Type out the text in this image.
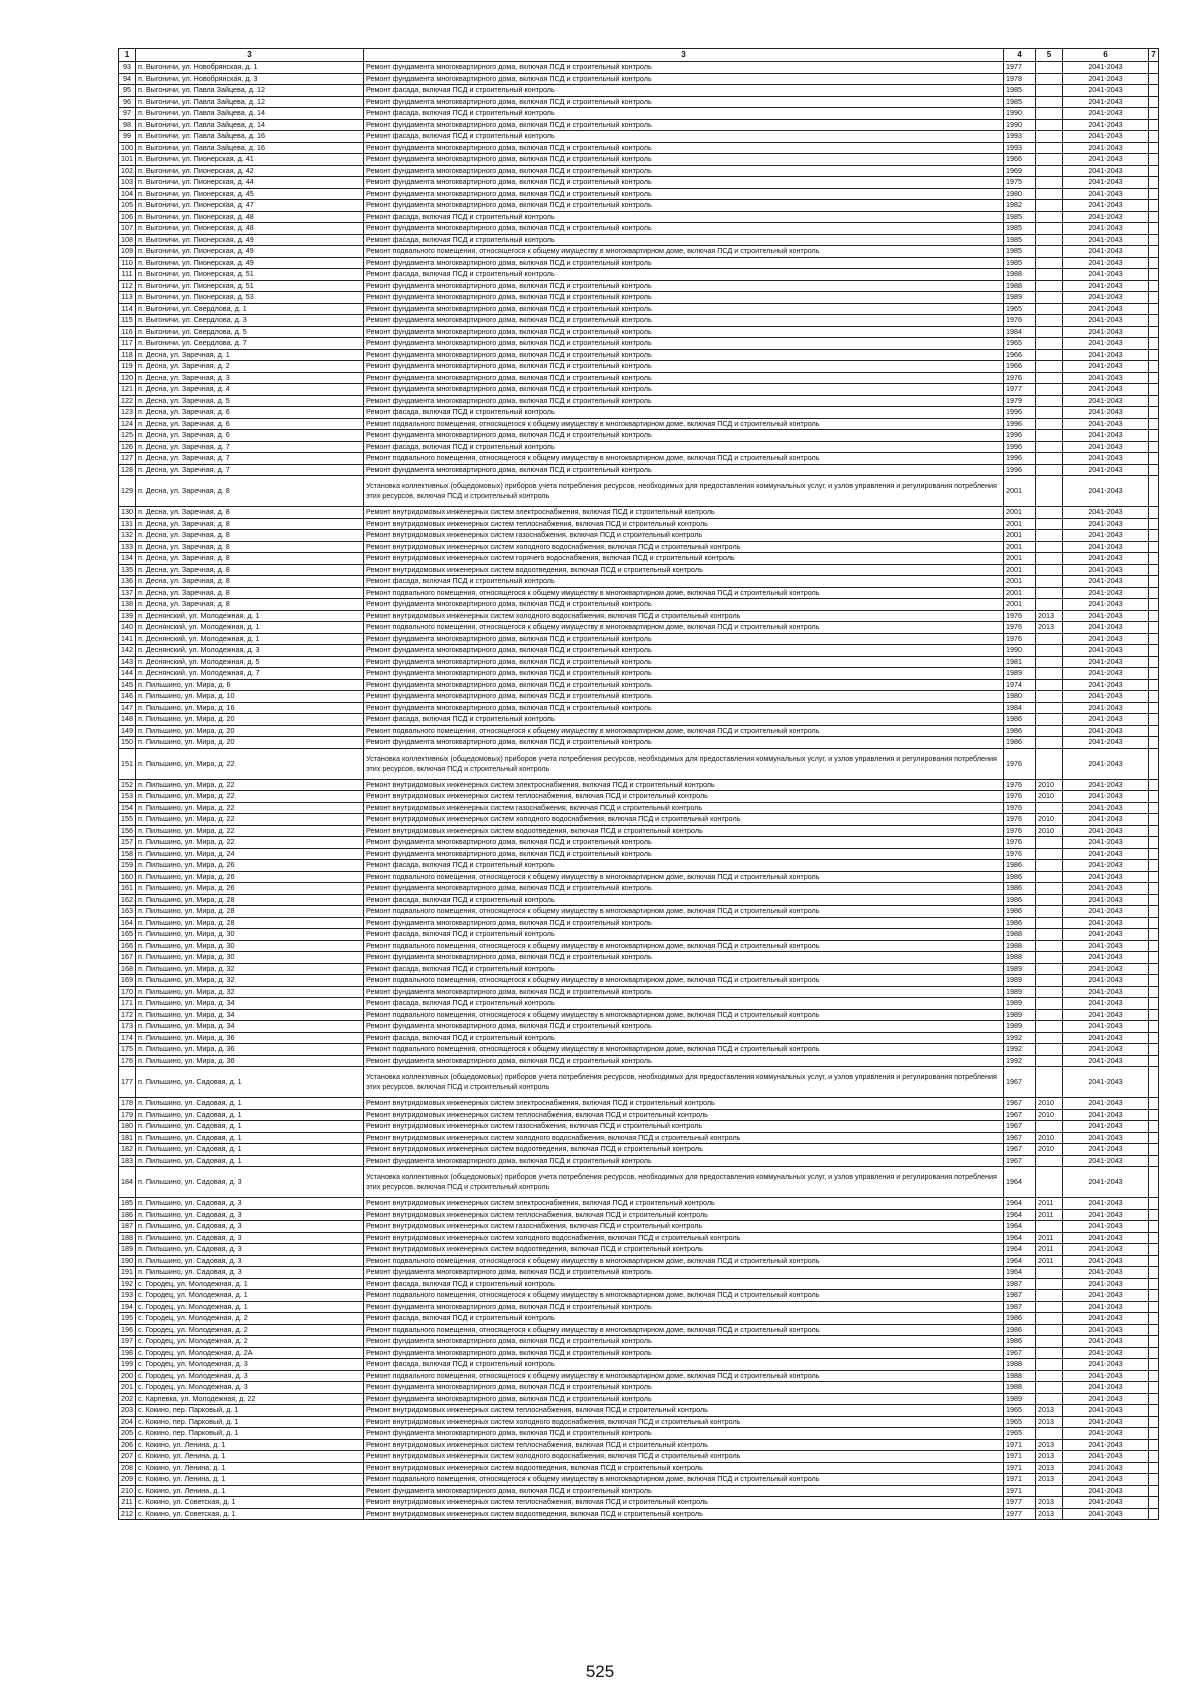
1	3	3	4	5	6	7
93	п. Выгоничи, ул. Новобрянская, д. 1	Ремонт фундамента многоквартирного дома, включая ПСД и строительный контроль	1977		2041-2043	
94	п. Выгоничи, ул. Новобрянская, д. 3	Ремонт фундамента многоквартирного дома, включая ПСД и строительный контроль	1978		2041-2043	
95	п. Выгоничи, ул. Павла Зайцева, д. 12	Ремонт фасада, включая ПСД и строительный контроль	1985		2041-2043	
96	п. Выгоничи, ул. Павла Зайцева, д. 12	Ремонт фундамента многоквартирного дома, включая ПСД и строительный контроль	1985		2041-2043	
97	п. Выгоничи, ул. Павла Зайцева, д. 14	Ремонт фасада, включая ПСД и строительный контроль	1990		2041-2043	
98	п. Выгоничи, ул. Павла Зайцева, д. 14	Ремонт фундамента многоквартирного дома, включая ПСД и строительный контроль	1990		2041-2043	
99	п. Выгоничи, ул. Павла Зайцева, д. 16	Ремонт фасада, включая ПСД и строительный контроль	1993		2041-2043	
100	п. Выгоничи, ул. Павла Зайцева, д. 16	Ремонт фундамента многоквартирного дома, включая ПСД и строительный контроль	1993		2041-2043	
101	п. Выгоничи, ул. Пионерская, д. 41	Ремонт фундамента многоквартирного дома, включая ПСД и строительный контроль	1966		2041-2043	
102	п. Выгоничи, ул. Пионерская, д. 42	Ремонт фундамента многоквартирного дома, включая ПСД и строительный контроль	1969		2041-2043	
103	п. Выгоничи, ул. Пионерская, д. 44	Ремонт фундамента многоквартирного дома, включая ПСД и строительный контроль	1975		2041-2043	
104	п. Выгоничи, ул. Пионерская, д. 45	Ремонт фундамента многоквартирного дома, включая ПСД и строительный контроль	1980		2041-2043	
105	п. Выгоничи, ул. Пионерская, д. 47	Ремонт фундамента многоквартирного дома, включая ПСД и строительный контроль	1982		2041-2043	
106	п. Выгоничи, ул. Пионерская, д. 48	Ремонт фасада, включая ПСД и строительный контроль	1985		2041-2043	
107	п. Выгоничи, ул. Пионерская, д. 48	Ремонт фундамента многоквартирного дома, включая ПСД и строительный контроль	1985		2041-2043	
108	п. Выгоничи, ул. Пионерская, д. 49	Ремонт фасада, включая ПСД и строительный контроль	1985		2041-2043	
109	п. Выгоничи, ул. Пионерская, д. 49	Ремонт подвального помещения, относящегося к общему имуществу в многоквартирном доме, включая ПСД и строительный контроль	1985		2041-2043	
110	п. Выгоничи, ул. Пионерская, д. 49	Ремонт фундамента многоквартирного дома, включая ПСД и строительный контроль	1985		2041-2043	
111	п. Выгоничи, ул. Пионерская, д. 51	Ремонт фасада, включая ПСД и строительный контроль	1988		2041-2043	
112	п. Выгоничи, ул. Пионерская, д. 51	Ремонт фундамента многоквартирного дома, включая ПСД и строительный контроль	1988		2041-2043	
113	п. Выгоничи, ул. Пионерская, д. 53	Ремонт фундамента многоквартирного дома, включая ПСД и строительный контроль	1989		2041-2043	
114	п. Выгоничи, ул. Свердлова, д. 1	Ремонт фундамента многоквартирного дома, включая ПСД и строительный контроль	1965		2041-2043	
115	п. Выгоничи, ул. Свердлова, д. 3	Ремонт фундамента многоквартирного дома, включая ПСД и строительный контроль	1976		2041-2043	
116	п. Выгоничи, ул. Свердлова, д. 5	Ремонт фундамента многоквартирного дома, включая ПСД и строительный контроль	1984		2041-2043	
117	п. Выгоничи, ул. Свердлова, д. 7	Ремонт фундамента многоквартирного дома, включая ПСД и строительный контроль	1965		2041-2043	
118	п. Десна, ул. Заречная, д. 1	Ремонт фундамента многоквартирного дома, включая ПСД и строительный контроль	1966		2041-2043	
119	п. Десна, ул. Заречная, д. 2	Ремонт фундамента многоквартирного дома, включая ПСД и строительный контроль	1966		2041-2043	
120	п. Десна, ул. Заречная, д. 3	Ремонт фундамента многоквартирного дома, включая ПСД и строительный контроль	1976		2041-2043	
121	п. Десна, ул. Заречная, д. 4	Ремонт фундамента многоквартирного дома, включая ПСД и строительный контроль	1977		2041-2043	
122	п. Десна, ул. Заречная, д. 5	Ремонт фундамента многоквартирного дома, включая ПСД и строительный контроль	1979		2041-2043	
123	п. Десна, ул. Заречная, д. 6	Ремонт фасада, включая ПСД и строительный контроль	1996		2041-2043	
124	п. Десна, ул. Заречная, д. 6	Ремонт подвального помещения, относящегося к общему имуществу в многоквартирном доме, включая ПСД и строительный контроль	1996		2041-2043	
125	п. Десна, ул. Заречная, д. 6	Ремонт фундамента многоквартирного дома, включая ПСД и строительный контроль	1996		2041-2043	
126	п. Десна, ул. Заречная, д. 7	Ремонт фасада, включая ПСД и строительный контроль	1996		2041-2043	
127	п. Десна, ул. Заречная, д. 7	Ремонт подвального помещения, относящегося к общему имуществу в многоквартирном доме, включая ПСД и строительный контроль	1996		2041-2043	
128	п. Десна, ул. Заречная, д. 7	Ремонт фундамента многоквартирного дома, включая ПСД и строительный контроль	1996		2041-2043	
129	п. Десна, ул. Заречная, д. 8	Установка коллективных (общедомовых) приборов учета потребления ресурсов, необходимых для предоставления коммунальных услуг, и узлов управления и регулирования потребления этих ресурсов, включая ПСД и строительный контроль	2001		2041-2043	
130	п. Десна, ул. Заречная, д. 8	Ремонт внутридомовых инженерных систем электроснабжения, включая ПСД и строительный контроль	2001		2041-2043	
131	п. Десна, ул. Заречная, д. 8	Ремонт внутридомовых инженерных систем теплоснабжения, включая ПСД и строительный контроль	2001		2041-2043	
132	п. Десна, ул. Заречная, д. 8	Ремонт внутридомовых инженерных систем газоснабжения, включая ПСД и строительный контроль	2001		2041-2043	
133	п. Десна, ул. Заречная, д. 8	Ремонт внутридомовых инженерных систем холодного водоснабжения, включая ПСД и строительный контроль	2001		2041-2043	
134	п. Десна, ул. Заречная, д. 8	Ремонт внутридомовых инженерных систем горячего водоснабжения, включая ПСД и строительный контроль	2001		2041-2043	
135	п. Десна, ул. Заречная, д. 8	Ремонт внутридомовых инженерных систем водоотведения, включая ПСД и строительный контроль	2001		2041-2043	
136	п. Десна, ул. Заречная, д. 8	Ремонт фасада, включая ПСД и строительный контроль	2001		2041-2043	
137	п. Десна, ул. Заречная, д. 8	Ремонт подвального помещения, относящегося к общему имуществу в многоквартирном доме, включая ПСД и строительный контроль	2001		2041-2043	
138	п. Десна, ул. Заречная, д. 8	Ремонт фундамента многоквартирного дома, включая ПСД и строительный контроль	2001		2041-2043	
139	п. Деснянский, ул. Молодежная, д. 1	Ремонт внутридомовых инженерных систем холодного водоснабжения, включая ПСД и строительный контроль	1976	2013	2041-2043	
140	п. Деснянский, ул. Молодежная, д. 1	Ремонт подвального помещения, относящегося к общему имуществу в многоквартирном доме, включая ПСД и строительный контроль	1976	2013	2041-2043	
141	п. Деснянский, ул. Молодежная, д. 1	Ремонт фундамента многоквартирного дома, включая ПСД и строительный контроль	1976		2041-2043	
142	п. Деснянский, ул. Молодежная, д. 3	Ремонт фундамента многоквартирного дома, включая ПСД и строительный контроль	1990		2041-2043	
143	п. Деснянский, ул. Молодежная, д. 5	Ремонт фундамента многоквартирного дома, включая ПСД и строительный контроль	1981		2041-2043	
144	п. Деснянский, ул. Молодежная, д. 7	Ремонт фундамента многоквартирного дома, включая ПСД и строительный контроль	1989		2041-2043	
145	п. Пильшино, ул. Мира, д. 6	Ремонт фундамента многоквартирного дома, включая ПСД и строительный контроль	1974		2041-2043	
146	п. Пильшино, ул. Мира, д. 10	Ремонт фундамента многоквартирного дома, включая ПСД и строительный контроль	1980		2041-2043	
147	п. Пильшино, ул. Мира, д. 16	Ремонт фундамента многоквартирного дома, включая ПСД и строительный контроль	1984		2041-2043	
148	п. Пильшино, ул. Мира, д. 20	Ремонт фасада, включая ПСД и строительный контроль	1986		2041-2043	
149	п. Пильшино, ул. Мира, д. 20	Ремонт подвального помещения, относящегося к общему имуществу в многоквартирном доме, включая ПСД и строительный контроль	1986		2041-2043	
150	п. Пильшино, ул. Мира, д. 20	Ремонт фундамента многоквартирного дома, включая ПСД и строительный контроль	1986		2041-2043	
151	п. Пильшино, ул. Мира, д. 22	Установка коллективных (общедомовых) приборов учета потребления ресурсов, необходимых для предоставления коммунальных услуг, и узлов управления и регулирования потребления этих ресурсов, включая ПСД и строительный контроль	1976		2041-2043	
152	п. Пильшино, ул. Мира, д. 22	Ремонт внутридомовых инженерных систем электроснабжения, включая ПСД и строительный контроль	1976	2010	2041-2043	
153	п. Пильшино, ул. Мира, д. 22	Ремонт внутридомовых инженерных систем теплоснабжения, включая ПСД и строительный контроль	1976	2010	2041-2043	
154	п. Пильшино, ул. Мира, д. 22	Ремонт внутридомовых инженерных систем газоснабжения, включая ПСД и строительный контроль	1976		2041-2043	
155	п. Пильшино, ул. Мира, д. 22	Ремонт внутридомовых инженерных систем холодного водоснабжения, включая ПСД и строительный контроль	1976	2010	2041-2043	
156	п. Пильшино, ул. Мира, д. 22	Ремонт внутридомовых инженерных систем водоотведения, включая ПСД и строительный контроль	1976	2010	2041-2043	
157	п. Пильшино, ул. Мира, д. 22	Ремонт фундамента многоквартирного дома, включая ПСД и строительный контроль	1976		2041-2043	
158	п. Пильшино, ул. Мира, д. 24	Ремонт фундамента многоквартирного дома, включая ПСД и строительный контроль	1976		2041-2043	
159	п. Пильшино, ул. Мира, д. 26	Ремонт фасада, включая ПСД и строительный контроль	1986		2041-2043	
160	п. Пильшино, ул. Мира, д. 26	Ремонт подвального помещения, относящегося к общему имуществу в многоквартирном доме, включая ПСД и строительный контроль	1986		2041-2043	
161	п. Пильшино, ул. Мира, д. 26	Ремонт фундамента многоквартирного дома, включая ПСД и строительный контроль	1986		2041-2043	
162	п. Пильшино, ул. Мира, д. 28	Ремонт фасада, включая ПСД и строительный контроль	1986		2041-2043	
163	п. Пильшино, ул. Мира, д. 28	Ремонт подвального помещения, относящегося к общему имуществу в многоквартирном доме, включая ПСД и строительный контроль	1986		2041-2043	
164	п. Пильшино, ул. Мира, д. 28	Ремонт фундамента многоквартирного дома, включая ПСД и строительный контроль	1986		2041-2043	
165	п. Пильшино, ул. Мира, д. 30	Ремонт фасада, включая ПСД и строительный контроль	1988		2041-2043	
166	п. Пильшино, ул. Мира, д. 30	Ремонт подвального помещения, относящегося к общему имуществу в многоквартирном доме, включая ПСД и строительный контроль	1988		2041-2043	
167	п. Пильшино, ул. Мира, д. 30	Ремонт фундамента многоквартирного дома, включая ПСД и строительный контроль	1988		2041-2043	
168	п. Пильшино, ул. Мира, д. 32	Ремонт фасада, включая ПСД и строительный контроль	1989		2041-2043	
169	п. Пильшино, ул. Мира, д. 32	Ремонт подвального помещения, относящегося к общему имуществу в многоквартирном доме, включая ПСД и строительный контроль	1989		2041-2043	
170	п. Пильшино, ул. Мира, д. 32	Ремонт фундамента многоквартирного дома, включая ПСД и строительный контроль	1989		2041-2043	
171	п. Пильшино, ул. Мира, д. 34	Ремонт фасада, включая ПСД и строительный контроль	1989		2041-2043	
172	п. Пильшино, ул. Мира, д. 34	Ремонт подвального помещения, относящегося к общему имуществу в многоквартирном доме, включая ПСД и строительный контроль	1989		2041-2043	
173	п. Пильшино, ул. Мира, д. 34	Ремонт фундамента многоквартирного дома, включая ПСД и строительный контроль	1989		2041-2043	
174	п. Пильшино, ул. Мира, д. 36	Ремонт фасада, включая ПСД и строительный контроль	1992		2041-2043	
175	п. Пильшино, ул. Мира, д. 36	Ремонт подвального помещения, относящегося к общему имуществу в многоквартирном доме, включая ПСД и строительный контроль	1992		2041-2043	
176	п. Пильшино, ул. Мира, д. 36	Ремонт фундамента многоквартирного дома, включая ПСД и строительный контроль	1992		2041-2043	
177	п. Пильшино, ул. Садовая, д. 1	Установка коллективных (общедомовых) приборов учета потребления ресурсов, необходимых для предоставления коммунальных услуг, и узлов управления и регулирования потребления этих ресурсов, включая ПСД и строительный контроль	1967		2041-2043	
178	п. Пильшино, ул. Садовая, д. 1	Ремонт внутридомовых инженерных систем электроснабжения, включая ПСД и строительный контроль	1967	2010	2041-2043	
179	п. Пильшино, ул. Садовая, д. 1	Ремонт внутридомовых инженерных систем теплоснабжения, включая ПСД и строительный контроль	1967	2010	2041-2043	
180	п. Пильшино, ул. Садовая, д. 1	Ремонт внутридомовых инженерных систем газоснабжения, включая ПСД и строительный контроль	1967		2041-2043	
181	п. Пильшино, ул. Садовая, д. 1	Ремонт внутридомовых инженерных систем холодного водоснабжения, включая ПСД и строительный контроль	1967	2010	2041-2043	
182	п. Пильшино, ул. Садовая, д. 1	Ремонт внутридомовых инженерных систем водоотведения, включая ПСД и строительный контроль	1967	2010	2041-2043	
183	п. Пильшино, ул. Садовая, д. 1	Ремонт фундамента многоквартирного дома, включая ПСД и строительный контроль	1967		2041-2043	
184	п. Пильшино, ул. Садовая, д. 3	Установка коллективных (общедомовых) приборов учета потребления ресурсов, необходимых для предоставления коммунальных услуг, и узлов управления и регулирования потребления этих ресурсов, включая ПСД и строительный контроль	1964		2041-2043	
185	п. Пильшино, ул. Садовая, д. 3	Ремонт внутридомовых инженерных систем электроснабжения, включая ПСД и строительный контроль	1964	2011	2041-2043	
186	п. Пильшино, ул. Садовая, д. 3	Ремонт внутридомовых инженерных систем теплоснабжения, включая ПСД и строительный контроль	1964	2011	2041-2043	
187	п. Пильшино, ул. Садовая, д. 3	Ремонт внутридомовых инженерных систем газоснабжения, включая ПСД и строительный контроль	1964		2041-2043	
188	п. Пильшино, ул. Садовая, д. 3	Ремонт внутридомовых инженерных систем холодного водоснабжения, включая ПСД и строительный контроль	1964	2011	2041-2043	
189	п. Пильшино, ул. Садовая, д. 3	Ремонт внутридомовых инженерных систем водоотведения, включая ПСД и строительный контроль	1964	2011	2041-2043	
190	п. Пильшино, ул. Садовая, д. 3	Ремонт подвального помещения, относящегося к общему имуществу в многоквартирном доме, включая ПСД и строительный контроль	1964	2011	2041-2043	
191	п. Пильшино, ул. Садовая, д. 3	Ремонт фундамента многоквартирного дома, включая ПСД и строительный контроль	1964		2041-2043	
192	с. Городец, ул. Молодежная, д. 1	Ремонт фасада, включая ПСД и строительный контроль	1987		2041-2043	
193	с. Городец, ул. Молодежная, д. 1	Ремонт подвального помещения, относящегося к общему имуществу в многоквартирном доме, включая ПСД и строительный контроль	1987		2041-2043	
194	с. Городец, ул. Молодежная, д. 1	Ремонт фундамента многоквартирного дома, включая ПСД и строительный контроль	1987		2041-2043	
195	с. Городец, ул. Молодежная, д. 2	Ремонт фасада, включая ПСД и строительный контроль	1986		2041-2043	
196	с. Городец, ул. Молодежная, д. 2	Ремонт подвального помещения, относящегося к общему имуществу в многоквартирном доме, включая ПСД и строительный контроль	1986		2041-2043	
197	с. Городец, ул. Молодежная, д. 2	Ремонт фундамента многоквартирного дома, включая ПСД и строительный контроль	1986		2041-2043	
198	с. Городец, ул. Молодежная, д. 2А	Ремонт фундамента многоквартирного дома, включая ПСД и строительный контроль	1967		2041-2043	
199	с. Городец, ул. Молодежная, д. 3	Ремонт фасада, включая ПСД и строительный контроль	1988		2041-2043	
200	с. Городец, ул. Молодежная, д. 3	Ремонт подвального помещения, относящегося к общему имуществу в многоквартирном доме, включая ПСД и строительный контроль	1988		2041-2043	
201	с. Городец, ул. Молодежная, д. 3	Ремонт фундамента многоквартирного дома, включая ПСД и строительный контроль	1988		2041-2043	
202	с. Карпевка, ул. Молодежная, д. 22	Ремонт фундамента многоквартирного дома, включая ПСД и строительный контроль	1989		2041-2043	
203	с. Кокино, пер. Парковый, д. 1	Ремонт внутридомовых инженерных систем теплоснабжения, включая ПСД и строительный контроль	1965	2013	2041-2043	
204	с. Кокино, пер. Парковый, д. 1	Ремонт внутридомовых инженерных систем холодного водоснабжения, включая ПСД и строительный контроль	1965	2013	2041-2043	
205	с. Кокино, пер. Парковый, д. 1	Ремонт фундамента многоквартирного дома, включая ПСД и строительный контроль	1965		2041-2043	
206	с. Кокино, ул. Ленина, д. 1	Ремонт внутридомовых инженерных систем теплоснабжения, включая ПСД и строительный контроль	1971	2013	2041-2043	
207	с. Кокино, ул. Ленина, д. 1	Ремонт внутридомовых инженерных систем холодного водоснабжения, включая ПСД и строительный контроль	1971	2013	2041-2043	
208	с. Кокино, ул. Ленина, д. 1	Ремонт внутридомовых инженерных систем водоотведения, включая ПСД и строительный контроль	1971	2013	2041-2043	
209	с. Кокино, ул. Ленина, д. 1	Ремонт подвального помещения, относящегося к общему имуществу в многоквартирном доме, включая ПСД и строительный контроль	1971	2013	2041-2043	
210	с. Кокино, ул. Ленина, д. 1	Ремонт фундамента многоквартирного дома, включая ПСД и строительный контроль	1971		2041-2043	
211	с. Кокино, ул. Советская, д. 1	Ремонт внутридомовых инженерных систем теплоснабжения, включая ПСД и строительный контроль	1977	2013	2041-2043	
212	с. Кокино, ул. Советская, д. 1	Ремонт внутридомовых инженерных систем водоотведения, включая ПСД и строительный контроль	1977	2013	2041-2043	
525
